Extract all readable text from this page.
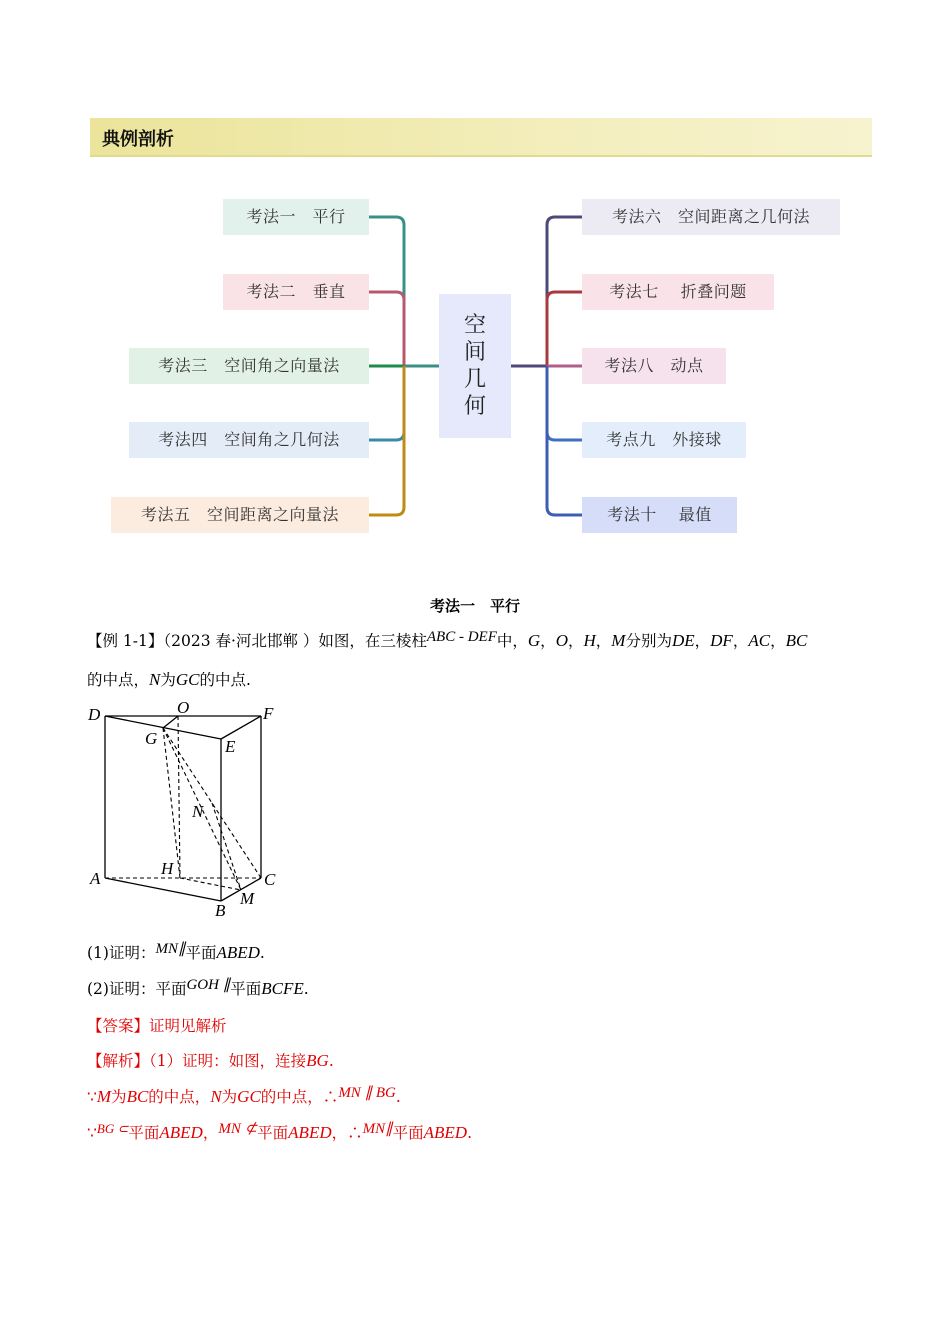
典例剖析
考法一　平行
考法二　垂直
考法三　空间角之向量法
考法四　空间角之几何法
考法五　空间距离之向量法
空间几何
考法六　空间距离之几何法
考法七　 折叠问题
考法八　动点
考点九　外接球
考法十　 最值
考法一　平行
【例 1-1】（2023 春·河北邯郸 ）如图，在三棱柱ABC - DEF中，G，O，H，M分别为DE，DF，AC，BC
的中点，N为GC的中点.
D	O	F
G	E
N
H
A	C
M
B
(1)证明：MN∥平面ABED.
(2)证明：平面GOH ∥平面BCFE.
【答案】证明见解析
【解析】（1）证明：如图，连接BG.
∵M为BC的中点，N为GC的中点，∴MN ∥ BG.
∵$^{BG \subset}$平面ABED，MN ⊄平面ABED，∴MN∥平面ABED.
